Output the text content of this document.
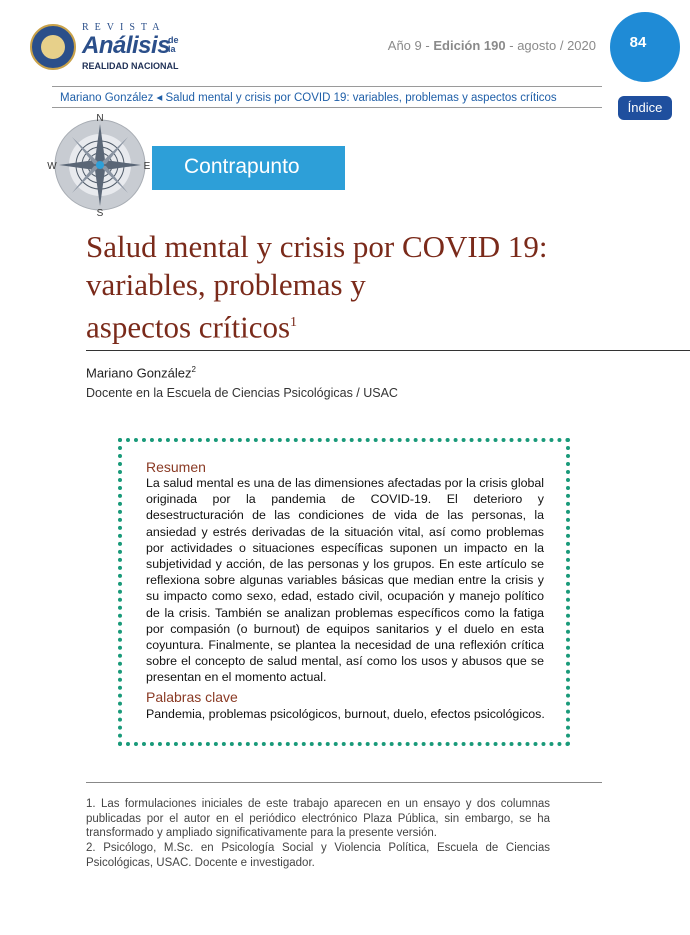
REVISTA
Análisis
de la
REALIDAD NACIONAL
Año 9 - Edición 190 - agosto / 2020	84
Mariano González ◂ Salud mental y crisis por COVID 19: variables, problemas y aspectos críticos
Índice
Contrapunto
N
S
W	E
Salud mental y crisis por COVID 19:
variables, problemas y
aspectos críticos$^1$
Mariano González$^2$
Docente en la Escuela de Ciencias Psicológicas / USAC
Resumen
La salud mental es una de las dimensiones afectadas por la crisis global originada por la pandemia de COVID-19. El deterioro y desestructuración de las condiciones de vida de las personas, la ansiedad y estrés derivadas de la situación vital, así como problemas por actividades o situaciones específicas suponen un impacto en la subjetividad y acción, de las personas y los grupos. En este artículo se reflexiona sobre algunas variables básicas que median entre la crisis y su impacto como sexo, edad, estado civil, ocupación y manejo político de la crisis. También se analizan problemas específicos como la fatiga por compasión (o burnout) de equipos sanitarios y el duelo en esta coyuntura. Finalmente, se plantea la necesidad de una reflexión crítica sobre el concepto de salud mental, así como los usos y abusos que se presentan en el momento actual.
Palabras clave
Pandemia, problemas psicológicos, burnout, duelo, efectos psicológicos.
1. Las formulaciones iniciales de este trabajo aparecen en un ensayo y dos columnas publicadas por el autor en el periódico electrónico Plaza Pública, sin embargo, se ha transformado y ampliado significativamente para la presente versión.
2. Psicólogo, M.Sc. en Psicología Social y Violencia Política, Escuela de Ciencias Psicológicas, USAC. Docente e investigador.
